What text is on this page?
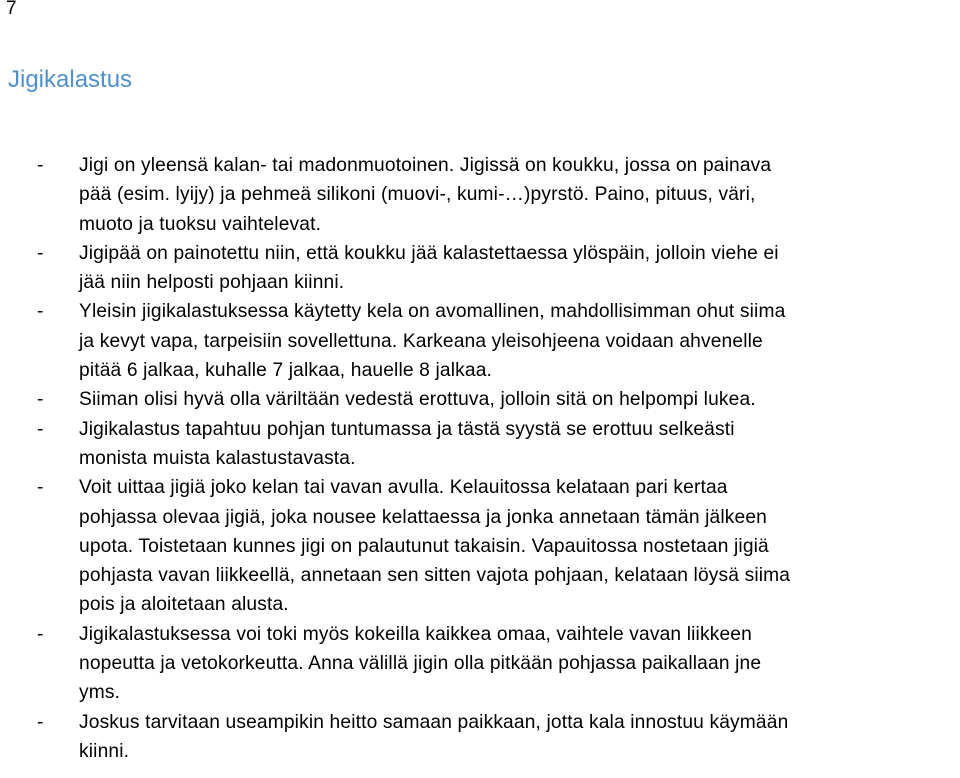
7
Jigikalastus
-	Jigi on yleensä kalan- tai madonmuotoinen. Jigissä on koukku, jossa on painava
pää (esim. lyijy) ja pehmeä silikoni (muovi-, kumi-…)pyrstö. Paino, pituus, väri,
muoto ja tuoksu vaihtelevat.
-	Jigipää on painotettu niin, että koukku jää kalastettaessa ylöspäin, jolloin viehe ei
jää niin helposti pohjaan kiinni.
-	Yleisin jigikalastuksessa käytetty kela on avomallinen, mahdollisimman ohut siima
ja kevyt vapa, tarpeisiin sovellettuna. Karkeana yleisohjeena voidaan ahvenelle
pitää 6 jalkaa, kuhalle 7 jalkaa, hauelle 8 jalkaa.
-	Siiman olisi hyvä olla väriltään vedestä erottuva, jolloin sitä on helpompi lukea.
-	Jigikalastus tapahtuu pohjan tuntumassa ja tästä syystä se erottuu selkeästi
monista muista kalastustavasta.
-	Voit uittaa jigiä joko kelan tai vavan avulla. Kelauitossa kelataan pari kertaa
pohjassa olevaa jigiä, joka nousee kelattaessa ja jonka annetaan tämän jälkeen
upota. Toistetaan kunnes jigi on palautunut takaisin. Vapauitossa nostetaan jigiä
pohjasta vavan liikkeellä, annetaan sen sitten vajota pohjaan, kelataan löysä siima
pois ja aloitetaan alusta.
-	Jigikalastuksessa voi toki myös kokeilla kaikkea omaa, vaihtele vavan liikkeen
nopeutta ja vetokorkeutta. Anna välillä jigin olla pitkään pohjassa paikallaan jne
yms.
-	Joskus tarvitaan useampikin heitto samaan paikkaan, jotta kala innostuu käymään
kiinni.
